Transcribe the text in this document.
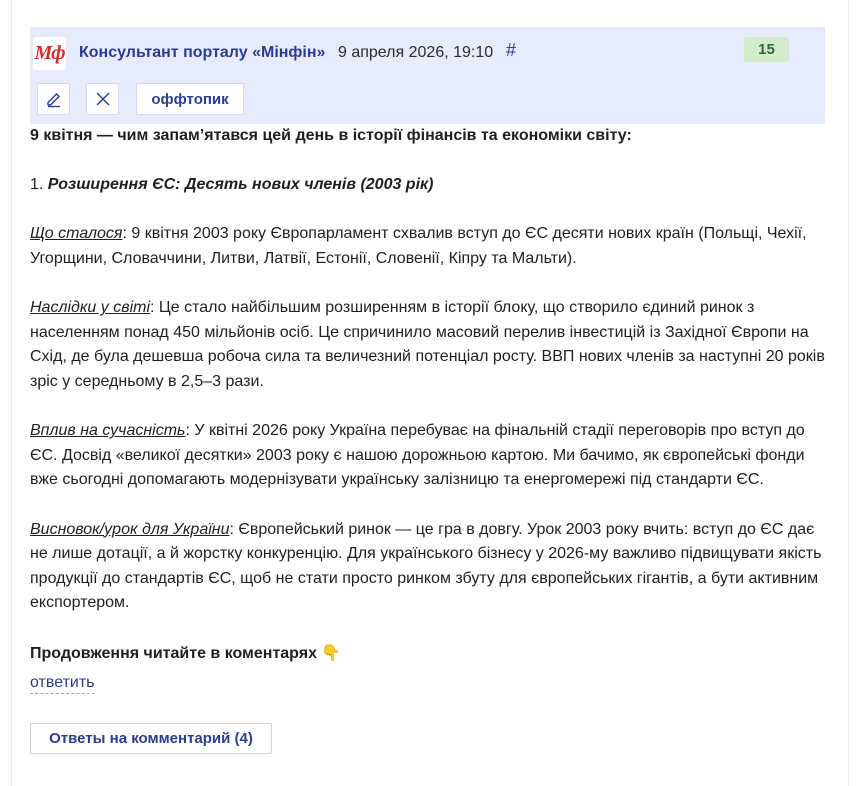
Мф Консультант порталу «Мінфін» 9 апреля 2026, 19:10 #	15
оффтопик

9 квітня — чим запам’ятався цей день в історії фінансів та економіки світу:

1. Розширення ЄС: Десять нових членів (2003 рік)

Що сталося: 9 квітня 2003 року Європарламент схвалив вступ до ЄС десяти нових країн (Польщі, Чехії, Угорщини, Словаччини, Литви, Латвії, Естонії, Словенії, Кіпру та Мальти).

Наслідки у світі: Це стало найбільшим розширенням в історії блоку, що створило єдиний ринок з населенням понад 450 мільйонів осіб. Це спричинило масовий перелив інвестицій із Західної Європи на Схід, де була дешевша робоча сила та величезний потенціал росту. ВВП нових членів за наступні 20 років зріс у середньому в 2,5–3 рази.

Вплив на сучасність: У квітні 2026 року Україна перебуває на фінальній стадії переговорів про вступ до ЄС. Досвід «великої десятки» 2003 року є нашою дорожньою картою. Ми бачимо, як європейські фонди вже сьогодні допомагають модернізувати українську залізницю та енергомережі під стандарти ЄС.

Висновок/урок для України: Європейський ринок — це гра в довгу. Урок 2003 року вчить: вступ до ЄС дає не лише дотації, а й жорстку конкуренцію. Для українського бізнесу у 2026-му важливо підвищувати якість продукції до стандартів ЄС, щоб не стати просто ринком збуту для європейських гігантів, а бути активним експортером.

Продовження читайте в коментарях 👇
ответить
Ответы на комментарий (4)
